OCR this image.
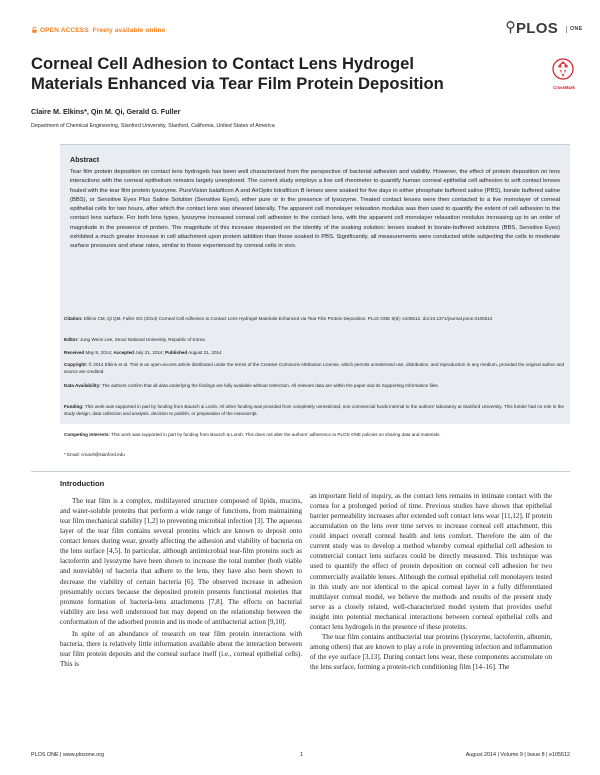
OPEN ACCESS Freely available online	PLOS	ONE
Corneal Cell Adhesion to Contact Lens Hydrogel
Materials Enhanced via Tear Film Protein Deposition	CrossMark
Claire M. Elkins*, Qin M. Qi, Gerald G. Fuller
Department of Chemical Engineering, Stanford University, Stanford, California, United States of America
Abstract

Tear film protein deposition on contact lens hydrogels has been well characterized from the perspective of bacterial adhesion and viability. However, the effect of protein deposition on lens interactions with the corneal epithelium remains largely unexplored. The current study employs a live cell rheometer to quantify human corneal epithelial cell adhesion to soft contact lenses fouled with the tear film protein lysozyme. PureVision balafilcon A and AirOptix lotrafilcon B lenses were soaked for five days in either phosphate buffered saline (PBS), borate buffered saline (BBS), or Sensitive Eyes Plus Saline Solution (Sensitive Eyes), either pure or in the presence of lysozyme. Treated contact lenses were then contacted to a live monolayer of corneal epithelial cells for two hours, after which the contact lens was sheared laterally. The apparent cell monolayer relaxation modulus was then used to quantify the extent of cell adhesion to the contact lens surface. For both lens types, lysozyme increased corneal cell adhesion to the contact lens, with the apparent cell monolayer relaxation modulus increasing up to an order of magnitude in the presence of protein. The magnitude of this increase depended on the identity of the soaking solution: lenses soaked in borate-buffered solutions (BBS, Sensitive Eyes) exhibited a much greater increase in cell attachment upon protein addition than those soaked in PBS. Significantly, all measurements were conducted while subjecting the cells to moderate surface pressures and shear rates, similar to those experienced by corneal cells in vivo.

Citation: Elkins CM, Qi QM, Fuller GG (2014) Corneal Cell Adhesion to Contact Lens Hydrogel Materials Enhanced via Tear Film Protein Deposition. PLoS ONE 9(8): e105512. doi:10.1371/journal.pone.0105512

Editor: Jung Weon Lee, Seoul National University, Republic of Korea

Received May 8, 2014; Accepted July 21, 2014; Published August 21, 2014

Copyright: © 2014 Elkins et al. This is an open-access article distributed under the terms of the Creative Commons Attribution License, which permits unrestricted use, distribution, and reproduction in any medium, provided the original author and source are credited.

Data Availability: The authors confirm that all data underlying the findings are fully available without restriction. All relevant data are within the paper and its Supporting Information files.

Funding: This work was supported in part by funding from Bausch & Lomb. All other funding was provided from completely unrestricted, non-commercial funds internal to the authors' laboratory at Stanford University. This funder had no role in the study design, data collection and analysis, decision to publish, or preparation of the manuscript.

Competing Interests: This work was supported in part by funding from Bausch & Lomb. This does not alter the authors' adherence to PLOS ONE policies on sharing data and materials.

* Email: cmac9@stanford.edu

Introduction

The tear film is a complex, multilayered structure composed of lipids, mucins, and water-soluble proteins that perform a wide range of functions, from maintaining tear film mechanical stability [1,2] to preventing microbial infection [3]. The aqueous layer of the tear film contains several proteins which are known to deposit onto contact lenses during wear, greatly affecting the adhesion and viability of bacteria on the lens surface [4,5]. In particular, although antimicrobial tear-film proteins such as lactoferrin and lysozyme have been shown to increase the total number (both viable and nonviable) of bacteria that adhere to the lens, they have also been shown to decrease the viability of certain bacteria [6]. The observed increase in adhesion presumably occurs because the deposited protein presents functional moieties that promote formation of bacteria-lens attachments [7,8]. The effects on bacterial viability are less well understood but may depend on the relationship between the conformation of the adsorbed protein and its mode of antibacterial action [9,10].

In spite of an abundance of research on tear film protein interactions with bacteria, there is relatively little information available about the interaction between tear film protein deposits and the corneal surface itself (i.e., corneal epithelial cells). This is

an important field of inquiry, as the contact lens remains in intimate contact with the cornea for a prolonged period of time. Previous studies have shown that epithelial barrier permeability increases after extended soft contact lens wear [11,12]. If protein accumulation on the lens over time serves to increase corneal cell attachment, this could impact overall corneal health and lens comfort. Therefore the aim of the current study was to develop a method whereby corneal epithelial cell adhesion to commercial contact lens surfaces could be directly measured. This technique was used to quantify the effect of protein deposition on corneal cell adhesion for two commercially available lenses. Although the corneal epithelial cell monolayers tested in this study are not identical to the apical corneal layer in a fully differentiated multilayer corneal model, we believe the methods and results of the present study serve as a closely related, well-characterized model system that provides useful insight into potential mechanical interactions between corneal epithelial cells and contact lens hydrogels in the presence of these proteins.

The tear film contains antibacterial tear proteins (lysozyme, lactoferrin, albumin, among others) that are known to play a role in preventing infection and inflammation of the eye surface [3,13]. During contact lens wear, these components accumulate on the lens surface, forming a protein-rich conditioning film [14–16]. The

PLOS ONE | www.plosone.org	1	August 2014 | Volume 9 | Issue 8 | e105512
